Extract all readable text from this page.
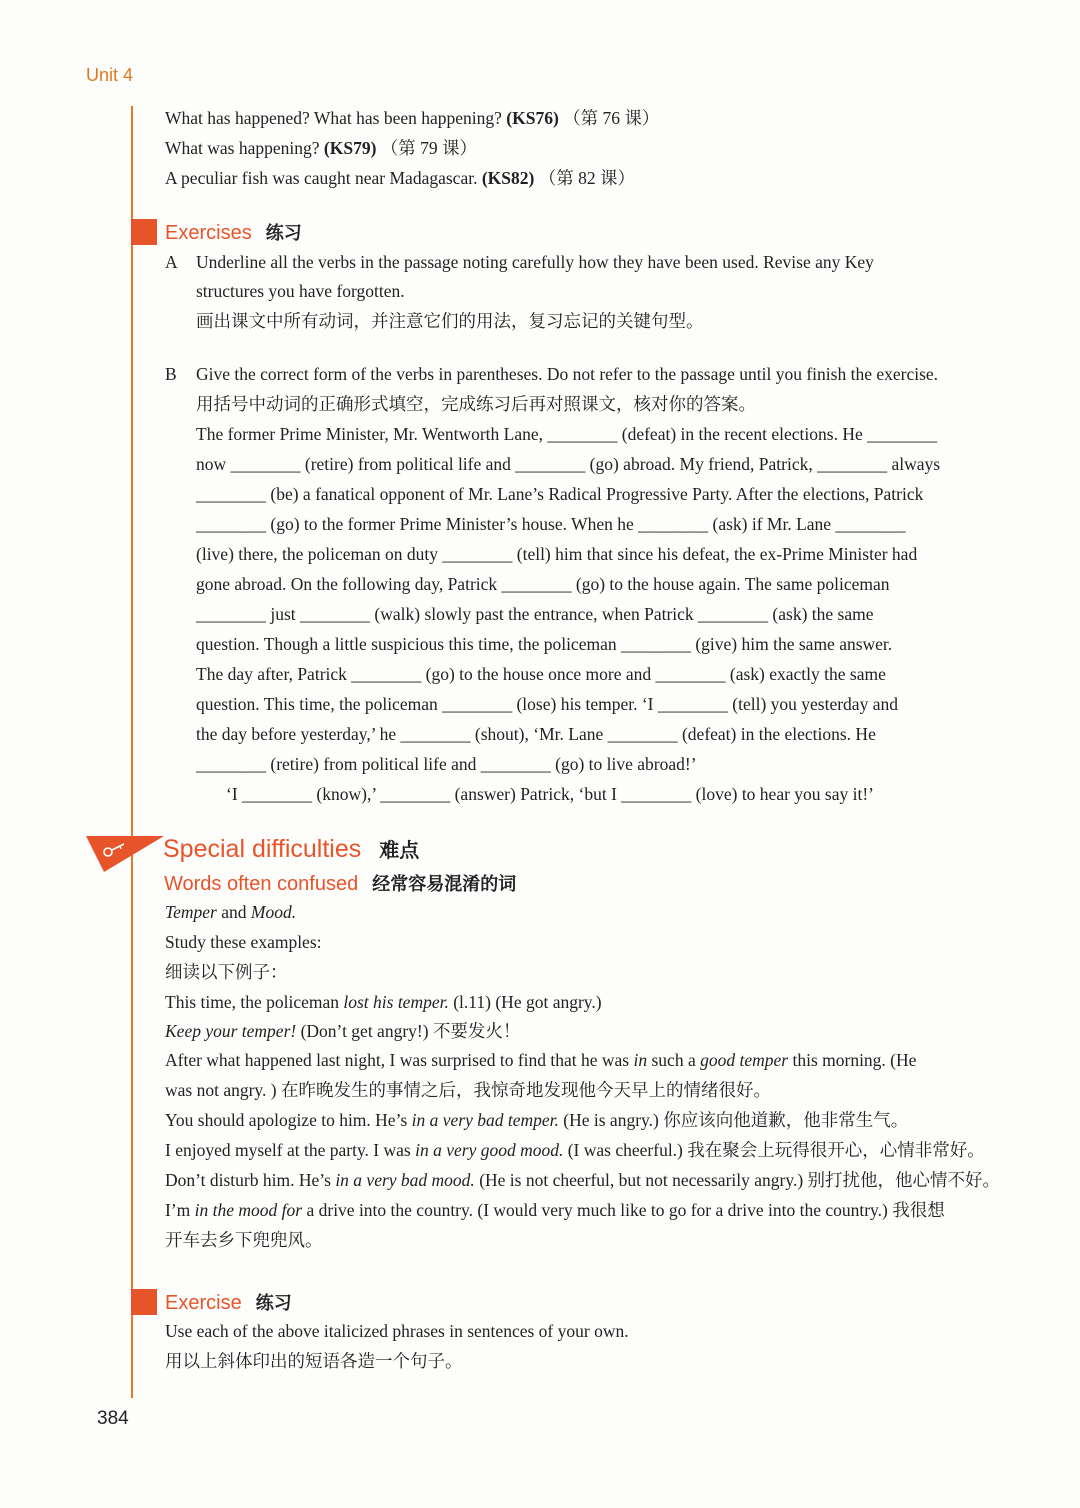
Unit 4
What has happened? What has been happening? (KS76) （第 76 课）
What was happening? (KS79) （第 79 课）
A peculiar fish was caught near Madagascar. (KS82) （第 82 课）
Exercises 练习
A Underline all the verbs in the passage noting carefully how they have been used. Revise any Key
structures you have forgotten.
画出课文中所有动词，并注意它们的用法，复习忘记的关键句型。
B Give the correct form of the verbs in parentheses. Do not refer to the passage until you finish the exercise.
用括号中动词的正确形式填空，完成练习后再对照课文，核对你的答案。
The former Prime Minister, Mr. Wentworth Lane, ________ (defeat) in the recent elections. He ________
now ________ (retire) from political life and ________ (go) abroad. My friend, Patrick, ________ always
________ (be) a fanatical opponent of Mr. Lane’s Radical Progressive Party. After the elections, Patrick
________ (go) to the former Prime Minister’s house. When he ________ (ask) if Mr. Lane ________
(live) there, the policeman on duty ________ (tell) him that since his defeat, the ex-Prime Minister had
gone abroad. On the following day, Patrick ________ (go) to the house again. The same policeman
________ just ________ (walk) slowly past the entrance, when Patrick ________ (ask) the same
question. Though a little suspicious this time, the policeman ________ (give) him the same answer.
The day after, Patrick ________ (go) to the house once more and ________ (ask) exactly the same
question. This time, the policeman ________ (lose) his temper. ‘I ________ (tell) you yesterday and
the day before yesterday,’ he ________ (shout), ‘Mr. Lane ________ (defeat) in the elections. He
________ (retire) from political life and ________ (go) to live abroad!’
‘I ________ (know),’ ________ (answer) Patrick, ‘but I ________ (love) to hear you say it!’
Special difficulties 难点
Words often confused 经常容易混淆的词
Temper and Mood.
Study these examples:
细读以下例子：
This time, the policeman lost his temper. (l.11) (He got angry.)
Keep your temper! (Don’t get angry!) 不要发火！
After what happened last night, I was surprised to find that he was in such a good temper this morning. (He
was not angry. ) 在昨晚发生的事情之后，我惊奇地发现他今天早上的情绪很好。
You should apologize to him. He’s in a very bad temper. (He is angry.) 你应该向他道歉，他非常生气。
I enjoyed myself at the party. I was in a very good mood. (I was cheerful.) 我在聚会上玩得很开心，心情非常好。
Don’t disturb him. He’s in a very bad mood. (He is not cheerful, but not necessarily angry.) 别打扰他，他心情不好。
I’m in the mood for a drive into the country. (I would very much like to go for a drive into the country.) 我很想
开车去乡下兜兜风。
Exercise 练习
Use each of the above italicized phrases in sentences of your own.
用以上斜体印出的短语各造一个句子。
384
